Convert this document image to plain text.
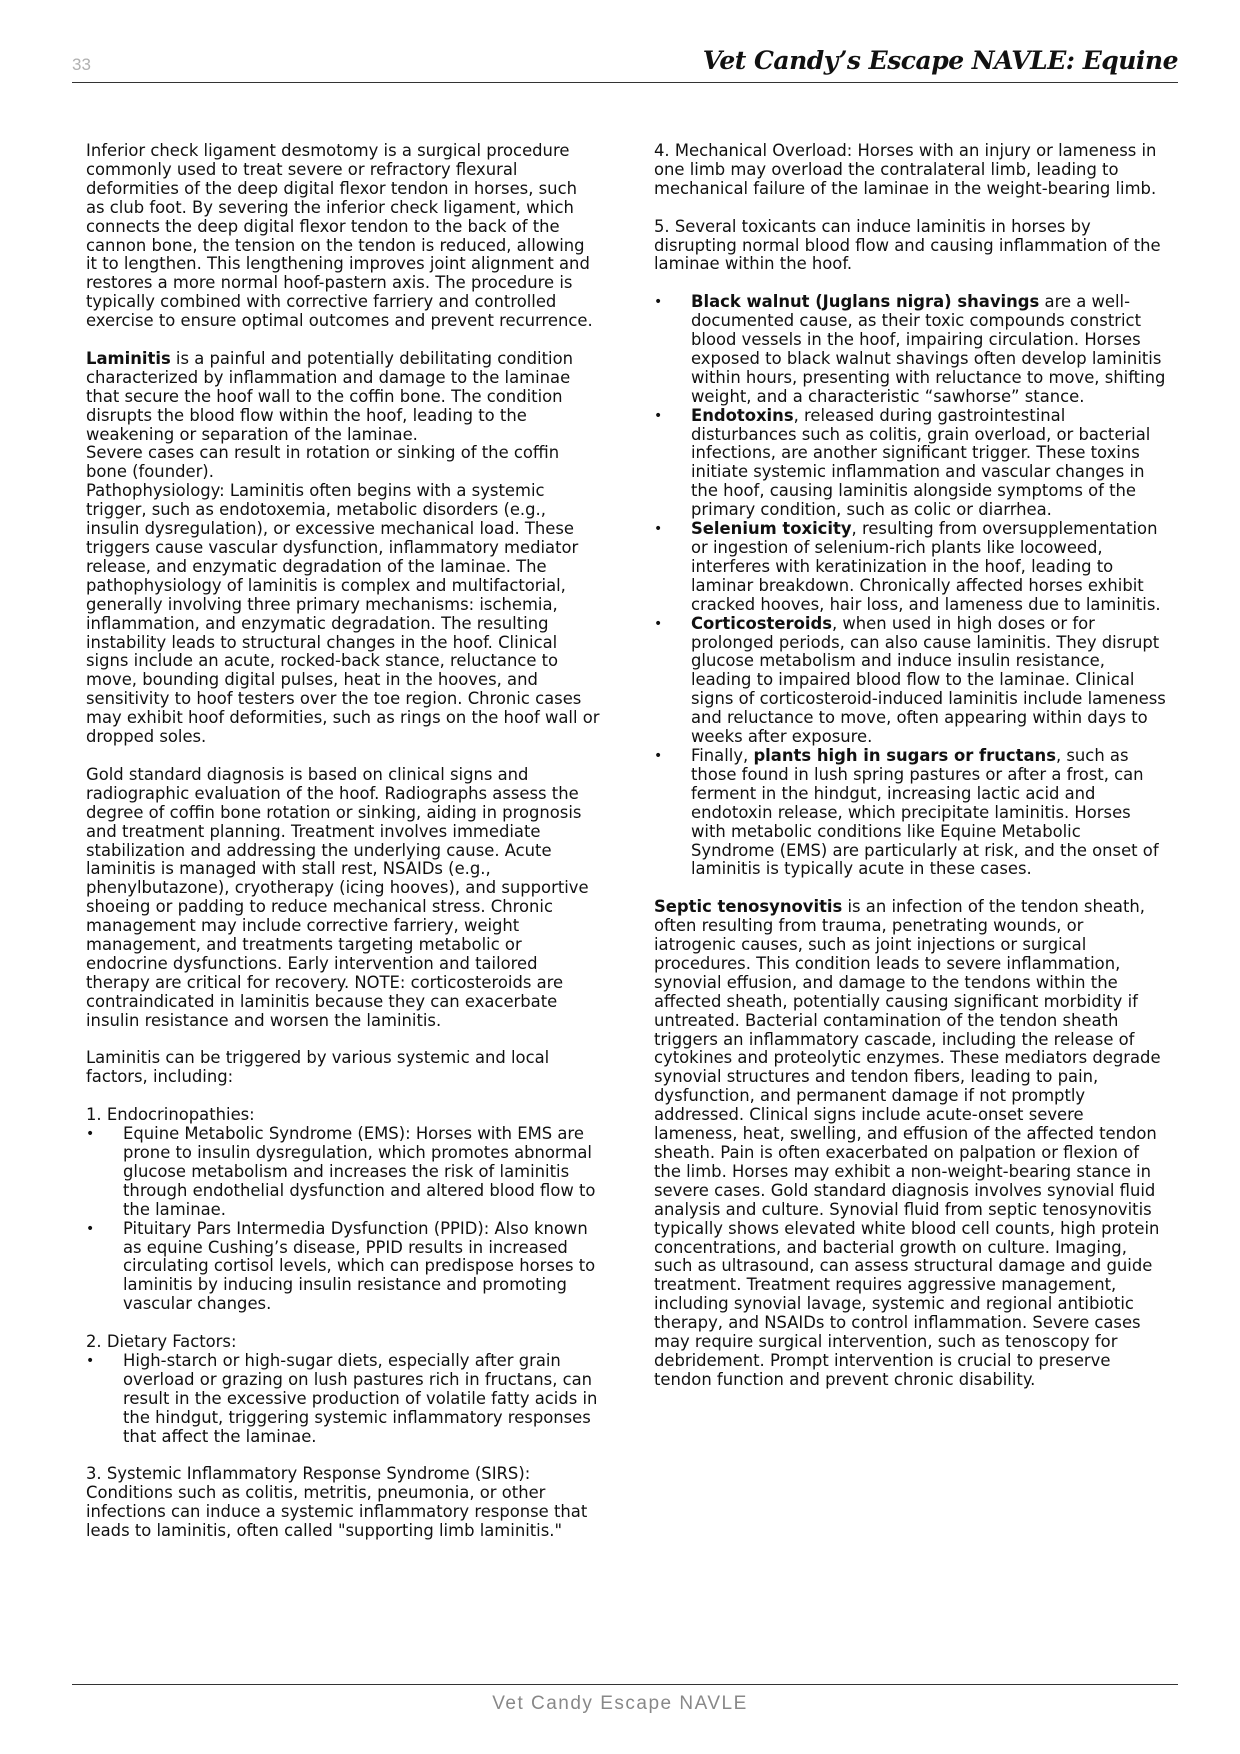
33	Vet Candy’s Escape NAVLE: Equine

Inferior check ligament desmotomy is a surgical procedure commonly used to treat severe or refractory flexural deformities of the deep digital flexor tendon in horses, such as club foot. By severing the inferior check ligament, which connects the deep digital flexor tendon to the back of the cannon bone, the tension on the tendon is reduced, allowing it to lengthen. This lengthening improves joint alignment and restores a more normal hoof-pastern axis. The procedure is typically combined with corrective farriery and controlled exercise to ensure optimal outcomes and prevent recurrence.

Laminitis is a painful and potentially debilitating condition characterized by inflammation and damage to the laminae that secure the hoof wall to the coffin bone. The condition disrupts the blood flow within the hoof, leading to the weakening or separation of the laminae.
Severe cases can result in rotation or sinking of the coffin bone (founder).

Pathophysiology: Laminitis often begins with a systemic trigger, such as endotoxemia, metabolic disorders (e.g., insulin dysregulation), or excessive mechanical load. These triggers cause vascular dysfunction, inflammatory mediator release, and enzymatic degradation of the laminae. The pathophysiology of laminitis is complex and multifactorial, generally involving three primary mechanisms: ischemia, inflammation, and enzymatic degradation. The resulting instability leads to structural changes in the hoof. Clinical signs include an acute, rocked-back stance, reluctance to move, bounding digital pulses, heat in the hooves, and sensitivity to hoof testers over the toe region. Chronic cases may exhibit hoof deformities, such as rings on the hoof wall or dropped soles.

Gold standard diagnosis is based on clinical signs and radiographic evaluation of the hoof. Radiographs assess the degree of coffin bone rotation or sinking, aiding in prognosis and treatment planning. Treatment involves immediate stabilization and addressing the underlying cause. Acute laminitis is managed with stall rest, NSAIDs (e.g., phenylbutazone), cryotherapy (icing hooves), and supportive shoeing or padding to reduce mechanical stress. Chronic management may include corrective farriery, weight management, and treatments targeting metabolic or endocrine dysfunctions. Early intervention and tailored therapy are critical for recovery. NOTE: corticosteroids are contraindicated in laminitis because they can exacerbate insulin resistance and worsen the laminitis.

Laminitis can be triggered by various systemic and local factors, including:

1. Endocrinopathies:
• Equine Metabolic Syndrome (EMS): Horses with EMS are prone to insulin dysregulation, which promotes abnormal glucose metabolism and increases the risk of laminitis through endothelial dysfunction and altered blood flow to the laminae.
• Pituitary Pars Intermedia Dysfunction (PPID): Also known as equine Cushing’s disease, PPID results in increased circulating cortisol levels, which can predispose horses to laminitis by inducing insulin resistance and promoting vascular changes.
2. Dietary Factors:
• High-starch or high-sugar diets, especially after grain overload or grazing on lush pastures rich in fructans, can result in the excessive production of volatile fatty acids in the hindgut, triggering systemic inflammatory responses that affect the laminae.

3. Systemic Inflammatory Response Syndrome (SIRS): Conditions such as colitis, metritis, pneumonia, or other infections can induce a systemic inflammatory response that leads to laminitis, often called "supporting limb laminitis."

4. Mechanical Overload: Horses with an injury or lameness in one limb may overload the contralateral limb, leading to mechanical failure of the laminae in the weight-bearing limb.

5. Several toxicants can induce laminitis in horses by disrupting normal blood flow and causing inflammation of the laminae within the hoof.

• Black walnut (Juglans nigra) shavings are a well-documented cause, as their toxic compounds constrict blood vessels in the hoof, impairing circulation. Horses exposed to black walnut shavings often develop laminitis within hours, presenting with reluctance to move, shifting weight, and a characteristic “sawhorse” stance.
• Endotoxins, released during gastrointestinal disturbances such as colitis, grain overload, or bacterial infections, are another significant trigger. These toxins initiate systemic inflammation and vascular changes in the hoof, causing laminitis alongside symptoms of the primary condition, such as colic or diarrhea.
• Selenium toxicity, resulting from oversupplementation or ingestion of selenium-rich plants like locoweed, interferes with keratinization in the hoof, leading to laminar breakdown. Chronically affected horses exhibit cracked hooves, hair loss, and lameness due to laminitis.
• Corticosteroids, when used in high doses or for prolonged periods, can also cause laminitis. They disrupt glucose metabolism and induce insulin resistance, leading to impaired blood flow to the laminae. Clinical signs of corticosteroid-induced laminitis include lameness and reluctance to move, often appearing within days to weeks after exposure.
• Finally, plants high in sugars or fructans, such as those found in lush spring pastures or after a frost, can ferment in the hindgut, increasing lactic acid and endotoxin release, which precipitate laminitis. Horses with metabolic conditions like Equine Metabolic Syndrome (EMS) are particularly at risk, and the onset of laminitis is typically acute in these cases.

Septic tenosynovitis is an infection of the tendon sheath, often resulting from trauma, penetrating wounds, or iatrogenic causes, such as joint injections or surgical procedures. This condition leads to severe inflammation, synovial effusion, and damage to the tendons within the affected sheath, potentially causing significant morbidity if untreated. Bacterial contamination of the tendon sheath triggers an inflammatory cascade, including the release of cytokines and proteolytic enzymes. These mediators degrade synovial structures and tendon fibers, leading to pain, dysfunction, and permanent damage if not promptly addressed. Clinical signs include acute-onset severe lameness, heat, swelling, and effusion of the affected tendon sheath. Pain is often exacerbated on palpation or flexion of the limb. Horses may exhibit a non-weight-bearing stance in severe cases. Gold standard diagnosis involves synovial fluid analysis and culture. Synovial fluid from septic tenosynovitis typically shows elevated white blood cell counts, high protein concentrations, and bacterial growth on culture. Imaging, such as ultrasound, can assess structural damage and guide treatment. Treatment requires aggressive management, including synovial lavage, systemic and regional antibiotic therapy, and NSAIDs to control inflammation. Severe cases may require surgical intervention, such as tenoscopy for debridement. Prompt intervention is crucial to preserve tendon function and prevent chronic disability.

Vet Candy Escape NAVLE
